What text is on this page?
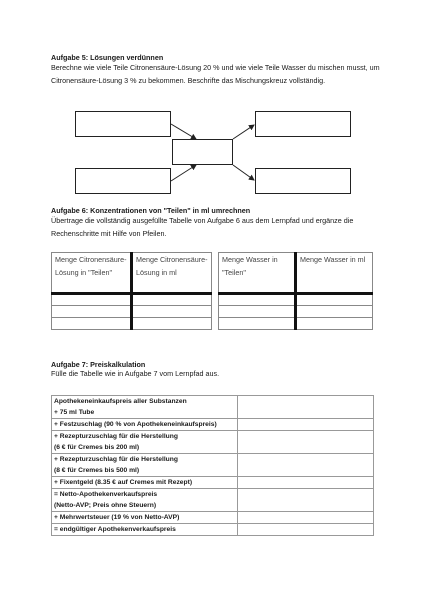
Aufgabe 5: Lösungen verdünnen
Berechne wie viele Teile Citronensäure-Lösung 20 % und wie viele Teile Wasser du mischen musst, um Citronensäure-Lösung 3 % zu bekommen. Beschrifte das Mischungskreuz vollständig.
Aufgabe 6: Konzentrationen von "Teilen" in ml umrechnen
Übertrage die vollständig ausgefüllte Tabelle von Aufgabe 6 aus dem Lernpfad und ergänze die Rechenschritte mit Hilfe von Pfeilen.
Menge Citronensäure-Lösung in "Teilen"	Menge Citronensäure-Lösung in ml

Menge Wasser in "Teilen"	Menge Wasser in ml

Aufgabe 7: Preiskalkulation
Fülle die Tabelle wie in Aufgabe 7 vom Lernpfad aus.
Apothekeneinkaufspreis aller Substanzen
+ 75 ml Tube	

+ Festzuschlag (90 % von Apothekeneinkaufspreis)	

+ Rezepturzuschlag für die Herstellung
(6 € für Cremes bis 200 ml)	

+ Rezepturzuschlag für die Herstellung
(8 € für Cremes bis 500 ml)	

+ Fixentgeld (8.35 € auf Cremes mit Rezept)	

= Netto-Apothekenverkaufspreis
(Netto-AVP; Preis ohne Steuern)	

+ Mehrwertsteuer (19 % von Netto-AVP)	

= endgültiger Apothekenverkaufspreis	
